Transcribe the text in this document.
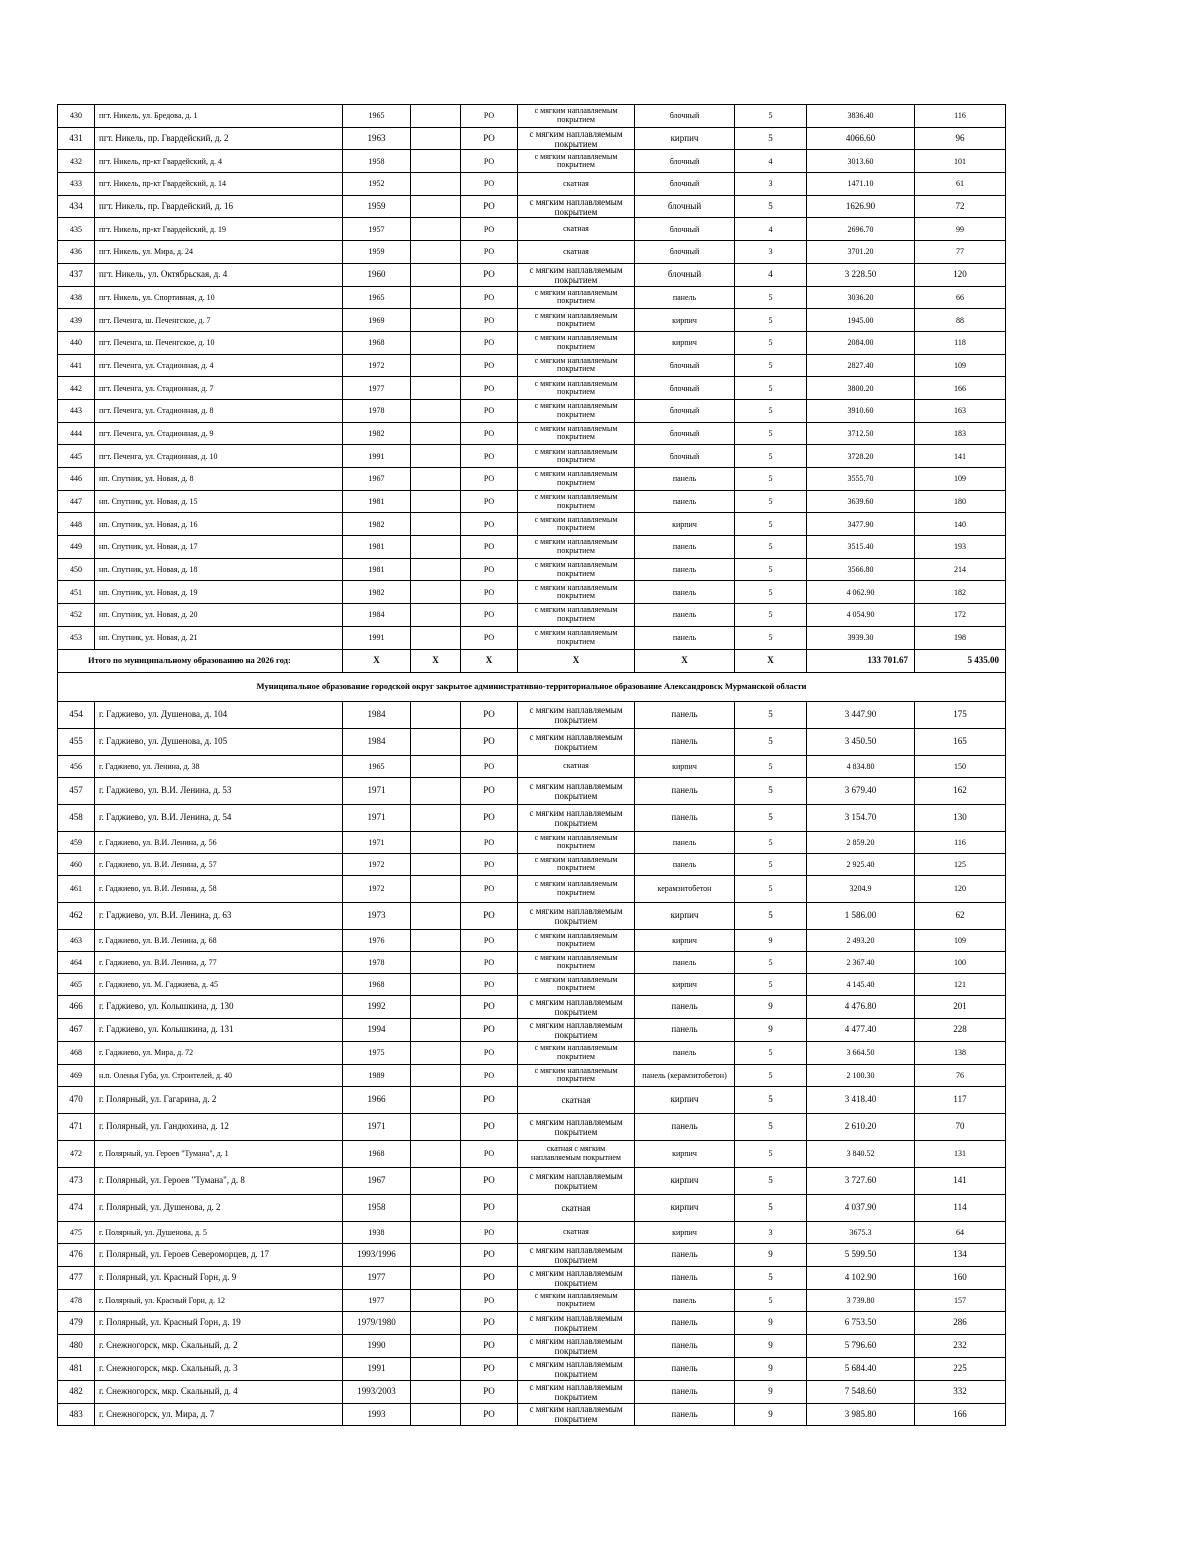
430	пгт. Никель, ул. Бредова, д. 1	1965		РО	с мягким наплавляемым покрытием	блочный	5	3836.40	116
431	пгт. Никель, пр. Гвардейский, д. 2	1963		РО	с мягким наплавляемым покрытием	кирпич	5	4066.60	96
432	пгт. Никель, пр-кт Гвардейский, д. 4	1958		РО	с мягким наплавляемым покрытием	блочный	4	3013.60	101
433	пгт. Никель, пр-кт Гвардейский, д. 14	1952		РО	скатная	блочный	3	1471.10	61
434	пгт. Никель, пр. Гвардейский, д. 16	1959		РО	с мягким наплавляемым покрытием	блочный	5	1626.90	72
435	пгт. Никель, пр-кт Гвардейский, д. 19	1957		РО	скатная	блочный	4	2696.70	99
436	пгт. Никель, ул. Мира, д. 24	1959		РО	скатная	блочный	3	3701.20	77
437	пгт. Никель, ул. Октябрьская, д. 4	1960		РО	с мягким наплавляемым покрытием	блочный	4	3 228.50	120
438	пгт. Никель, ул. Спортивная, д. 10	1965		РО	с мягким наплавляемым покрытием	панель	5	3036.20	66
439	пгт. Печенга, ш. Печенгское, д. 7	1969		РО	с мягким наплавляемым покрытием	кирпич	5	1945.00	88
440	пгт. Печенга, ш. Печенгское, д. 10	1968		РО	с мягким наплавляемым покрытием	кирпич	5	2084.00	118
441	пгт. Печенга, ул. Стадионная, д. 4	1972		РО	с мягким наплавляемым покрытием	блочный	5	2827.40	109
442	пгт. Печенга, ул. Стадионная, д. 7	1977		РО	с мягким наплавляемым покрытием	блочный	5	3800.20	166
443	пгт. Печенга, ул. Стадионная, д. 8	1978		РО	с мягким наплавляемым покрытием	блочный	5	3910.60	163
444	пгт. Печенга, ул. Стадионная, д. 9	1982		РО	с мягким наплавляемым покрытием	блочный	5	3712.50	183
445	пгт. Печенга, ул. Стадионная, д. 10	1991		РО	с мягким наплавляемым покрытием	блочный	5	3728.20	141
446	нп. Спутник, ул. Новая, д. 8	1967		РО	с мягким наплавляемым покрытием	панель	5	3555.70	109
447	нп. Спутник, ул. Новая, д. 15	1981		РО	с мягким наплавляемым покрытием	панель	5	3639.60	180
448	нп. Спутник, ул. Новая, д. 16	1982		РО	с мягким наплавляемым покрытием	кирпич	5	3477.90	140
449	нп. Спутник, ул. Новая, д. 17	1981		РО	с мягким наплавляемым покрытием	панель	5	3515.40	193
450	нп. Спутник, ул. Новая, д. 18	1981		РО	с мягким наплавляемым покрытием	панель	5	3566.80	214
451	нп. Спутник, ул. Новая, д. 19	1982		РО	с мягким наплавляемым покрытием	панель	5	4 062.90	182
452	нп. Спутник, ул. Новая, д. 20	1984		РО	с мягким наплавляемым покрытием	панель	5	4 054.90	172
453	нп. Спутник, ул. Новая, д. 21	1991		РО	с мягким наплавляемым покрытием	панель	5	3939.30	198
Итого по муниципальному образованию на 2026 год:		X	X	X	X	X	X	133 701.67	5 435.00
Муниципальное образование городской округ закрытое административно-территориальное образование Александровск Мурманской области									
454	г. Гаджиево, ул. Душенова, д. 104	1984		РО	с мягким наплавляемым покрытием	панель	5	3 447.90	175
455	г. Гаджиево, ул. Душенова, д. 105	1984		РО	с мягким наплавляемым покрытием	панель	5	3 450.50	165
456	г. Гаджиево, ул. Ленина, д. 38	1965		РО	скатная	кирпич	5	4 834.80	150
457	г. Гаджиево, ул. В.И. Ленина, д. 53	1971		РО	с мягким наплавляемым покрытием	панель	5	3 679.40	162
458	г. Гаджиево, ул. В.И. Ленина, д. 54	1971		РО	с мягким наплавляемым покрытием	панель	5	3 154.70	130
459	г. Гаджиево, ул. В.И. Ленина, д. 56	1971		РО	с мягким наплавляемым покрытием	панель	5	2 859.20	116
460	г. Гаджиево, ул. В.И. Ленина, д. 57	1972		РО	с мягким наплавляемым покрытием	панель	5	2 925.40	125
461	г. Гаджиево, ул. В.И. Ленина, д. 58	1972		РО	с мягким наплавляемым покрытием	керамзитобетон	5	3204.9	120
462	г. Гаджиево, ул. В.И. Ленина, д. 63	1973		РО	с мягким наплавляемым покрытием	кирпич	5	1 586.00	62
463	г. Гаджиево, ул. В.И. Ленина, д. 68	1976		РО	с мягким наплавляемым покрытием	кирпич	9	2 493.20	109
464	г. Гаджиево, ул. В.И. Ленина, д. 77	1978		РО	с мягким наплавляемым покрытием	панель	5	2 367.40	100
465	г. Гаджиево, ул. М. Гаджиева, д. 45	1968		РО	с мягким наплавляемым покрытием	кирпич	5	4 145.40	121
466	г. Гаджиево, ул. Колышкина, д. 130	1992		РО	с мягким наплавляемым покрытием	панель	9	4 476.80	201
467	г. Гаджиево, ул. Колышкина, д. 131	1994		РО	с мягким наплавляемым покрытием	панель	9	4 477.40	228
468	г. Гаджиево, ул. Мира, д. 72	1975		РО	с мягким наплавляемым покрытием	панель	5	3 664.50	138
469	н.п. Оленья Губа, ул. Строителей, д. 40	1989		РО	с мягким наплавляемым покрытием	панель (керамзитобетон)	5	2 100.30	76
470	г. Полярный, ул. Гагарина, д. 2	1966		РО	скатная	кирпич	5	3 418.40	117
471	г. Полярный, ул. Гандюхина, д. 12	1971		РО	с мягким наплавляемым покрытием	панель	5	2 610.20	70
472	г. Полярный, ул. Героев "Тумана", д. 1	1968		РО	скатная с мягким наплавляемым покрытием	кирпич	5	3 840.52	131
473	г. Полярный, ул. Героев "Тумана", д. 8	1967		РО	с мягким наплавляемым покрытием	кирпич	5	3 727.60	141
474	г. Полярный, ул. Душенова, д. 2	1958		РО	скатная	кирпич	5	4 037.90	114
475	г. Полярный, ул. Душенова, д. 5	1938		РО	скатная	кирпич	3	3675.3	64
476	г. Полярный, ул. Героев Североморцев, д. 17	1993/1996		РО	с мягким наплавляемым покрытием	панель	9	5 599.50	134
477	г. Полярный, ул. Красный Горн, д. 9	1977		РО	с мягким наплавляемым покрытием	панель	5	4 102.90	160
478	г. Полярный, ул. Красный Горн, д. 12	1977		РО	с мягким наплавляемым покрытием	панель	5	3 739.80	157
479	г. Полярный, ул. Красный Горн, д. 19	1979/1980		РО	с мягким наплавляемым покрытием	панель	9	6 753.50	286
480	г. Снежногорск, мкр. Скальный, д. 2	1990		РО	с мягким наплавляемым покрытием	панель	9	5 796.60	232
481	г. Снежногорск, мкр. Скальный, д. 3	1991		РО	с мягким наплавляемым покрытием	панель	9	5 684.40	225
482	г. Снежногорск, мкр. Скальный, д. 4	1993/2003		РО	с мягким наплавляемым покрытием	панель	9	7 548.60	332
483	г. Снежногорск, ул. Мира, д. 7	1993		РО	с мягким наплавляемым покрытием	панель	9	3 985.80	166
